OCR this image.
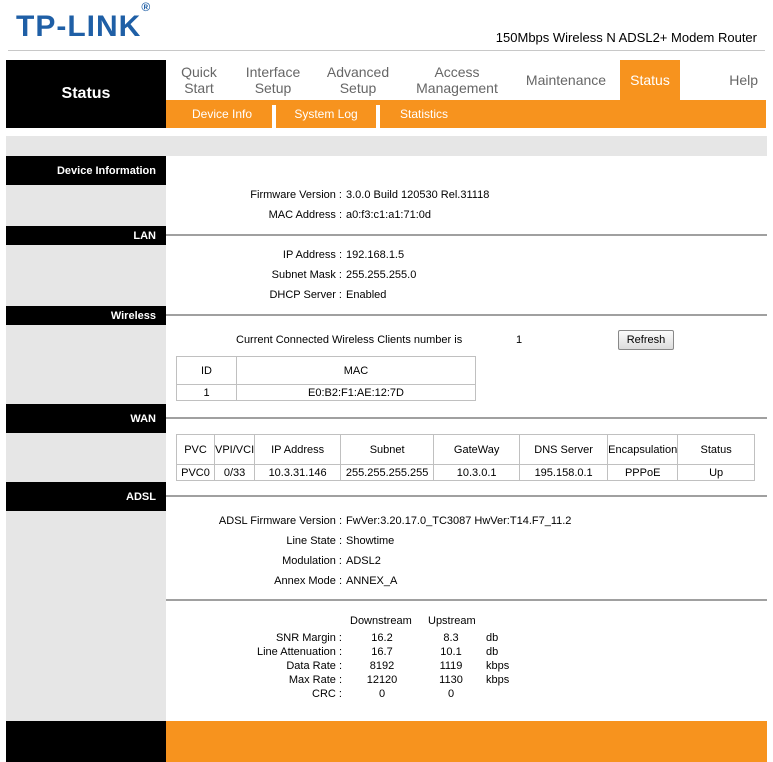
TP-LINK®
150Mbps Wireless N ADSL2+ Modem Router
Status
Quick
Start
Interface
Setup
Advanced
Setup
Access
Management Maintenance Status	Help
Device Info	System Log	Statistics
Device Information
Firmware Version : 3.0.0 Build 120530 Rel.31118
MAC Address : a0:f3:c1:a1:71:0d
LAN
IP Address : 192.168.1.5
Subnet Mask : 255.255.255.0
DHCP Server : Enabled
Wireless
Current Connected Wireless Clients number is	1	Refresh
ID	MAC
1	E0:B2:F1:AE:12:7D
WAN
PVC	VPI/VCI	IP Address	Subnet	GateWay	DNS Server	Encapsulation	Status
PVC0	0/33	10.3.31.146	255.255.255.255	10.3.0.1	195.158.0.1	PPPoE	Up
ADSL
ADSL Firmware Version : FwVer:3.20.17.0_TC3087 HwVer:T14.F7_11.2
Line State : Showtime
Modulation : ADSL2
Annex Mode : ANNEX_A
Downstream Upstream
SNR Margin :	16.2	8.3	db
Line Attenuation :	16.7	10.1	db
Data Rate :	8192	1119	kbps
Max Rate :	12120	1130	kbps
CRC :	0	0
